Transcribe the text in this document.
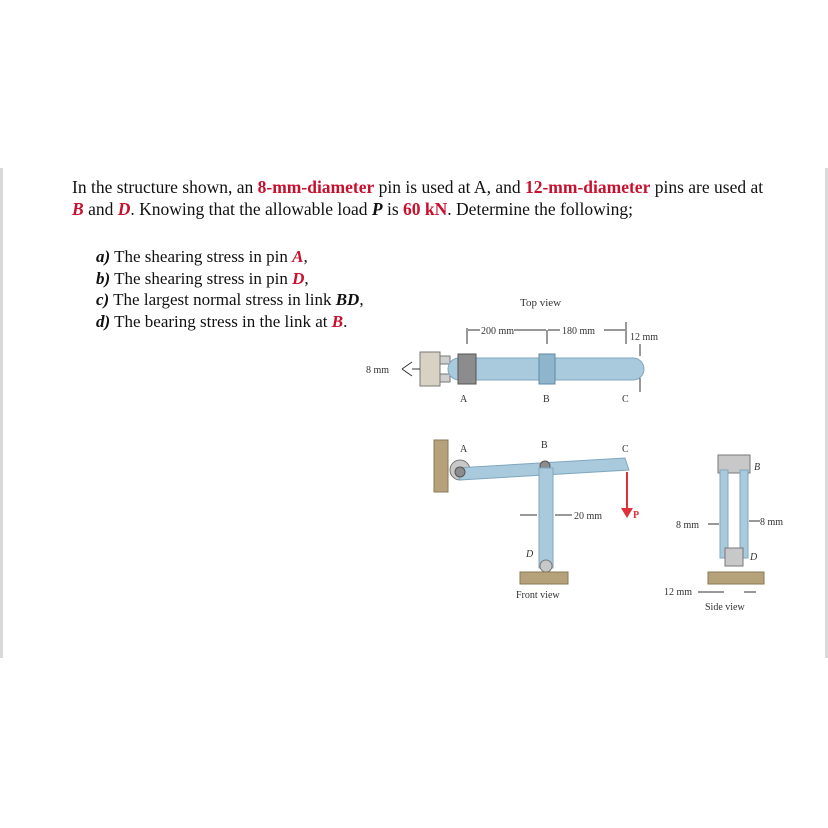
In the structure shown, an 8-mm-diameter pin is used at A, and 12-mm-diameter pins are used at B and D. Knowing that the allowable load P is 60 kN. Determine the following;
a) The shearing stress in pin A,
b) The shearing stress in pin D,
c) The largest normal stress in link BD,
d) The bearing stress in the link at B.
Top view
200 mm	180 mm
12 mm
8 mm
A	B	C
A	B	C
D
20 mm	P
Front view
B
D
8 mm	8 mm
12 mm
Side view
